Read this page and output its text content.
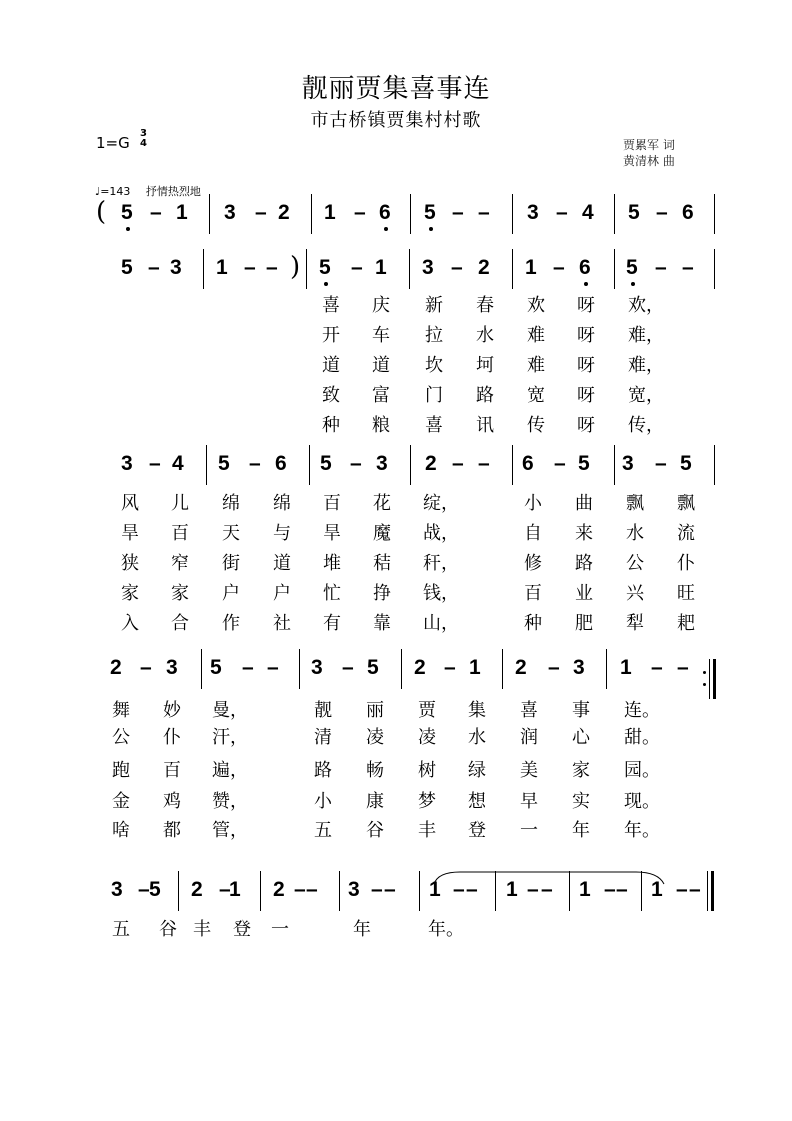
靓丽贾集喜事连
市古桥镇贾集村村歌
1=G
3
4	贾累军 词
黄清林 曲
♩=143 抒情热烈地
5 – 1 3 – 2 1 – 6 5 – – 3 – 4 5 – 6
5 – 3 1 – – 5 – 1 3 – 2 1 – 6 5 – –
3 – 4 5 – 6 5 – 3 2 – – 6 – 5 3 – 5
2 – 3 5 – – 3 – 5 2 – 1 2 – 3 1 – –
3 – 5 2 –
1 2 – – 3 – – 1 – – 1 – – 1 – – 1 – –
(
)
喜 庆 新 春 欢 呀 欢，
开 车 拉 水 难 呀 难，
道 道 坎 坷 难 呀 难，
致 富 门 路 宽 呀 宽，
种 粮 喜 讯 传 呀 传，
风 儿 绵 绵 百 花 绽，	小 曲 飘 飘
旱 百 天 与 旱 魔 战，	自 来 水 流
狭 窄 街 道 堆 秸 秆，	修 路 公 仆
家 家 户 户 忙 挣 钱，	百 业 兴 旺
入 合 作 社 有 靠 山，	种 肥 犁 耙
舞 妙 曼，	靓 丽 贾 集 喜 事 连。
公 仆 汗，	清 凌 凌 水 润 心 甜。
跑 百 遍，	路 畅 树 绿 美 家 园。
金 鸡 赞，	小 康 梦 想 早 实 现。
啥 都 管，	五 谷 丰 登 一 年 年。
五 谷 丰 登 一	年	年。
